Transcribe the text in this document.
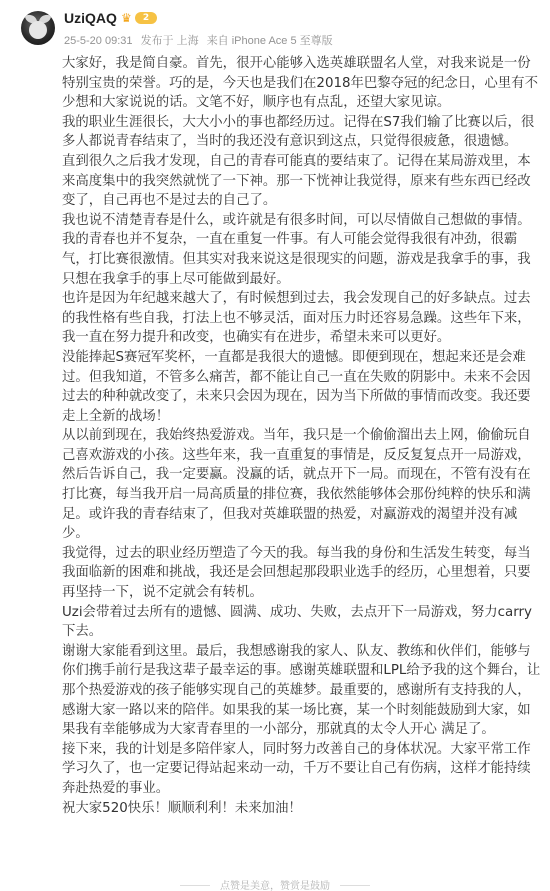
UziQAQ ♛	2
25-5-20 09:31 发布于 上海 来自 iPhone Ace 5 至尊版

大家好，我是简自豪。首先，很开心能够入选英雄联盟名人堂，对我来说是一份特别宝贵的荣誉。巧的是，今天也是我们在2018年巴黎夺冠的纪念日，心里有不少想和大家说说的话。文笔不好，顺序也有点乱，还望大家见谅。

我的职业生涯很长，大大小小的事也都经历过。记得在S7我们输了比赛以后，很多人都说青春结束了，当时的我还没有意识到这点，只觉得很疲惫，很遗憾。

直到很久之后我才发现，自己的青春可能真的要结束了。记得在某局游戏里，本来高度集中的我突然就恍了一下神。那一下恍神让我觉得，原来有些东西已经改变了，自己再也不是过去的自己了。

我也说不清楚青春是什么，或许就是有很多时间，可以尽情做自己想做的事情。我的青春也并不复杂，一直在重复一件事。有人可能会觉得我很有冲劲，很霸气，打比赛很激情。但其实对我来说这是很现实的问题，游戏是我拿手的事，我只想在我拿手的事上尽可能做到最好。

也许是因为年纪越来越大了，有时候想到过去，我会发现自己的好多缺点。过去的我性格有些自我，打法上也不够灵活，面对压力时还容易急躁。这些年下来，我一直在努力提升和改变，也确实有在进步，希望未来可以更好。

没能捧起S赛冠军奖杯，一直都是我很大的遗憾。即便到现在，想起来还是会难过。但我知道，不管多么痛苦，都不能让自己一直在失败的阴影中。未来不会因过去的种种就改变了，未来只会因为现在，因为当下所做的事情而改变。我还要走上全新的战场！

从以前到现在，我始终热爱游戏。当年，我只是一个偷偷溜出去上网，偷偷玩自己喜欢游戏的小孩。这些年来，我一直重复的事情是，反反复复点开一局游戏，然后告诉自己，我一定要赢。没赢的话，就点开下一局。而现在，不管有没有在打比赛，每当我开启一局高质量的排位赛，我依然能够体会那份纯粹的快乐和满足。或许我的青春结束了，但我对英雄联盟的热爱，对赢游戏的渴望并没有减少。

我觉得，过去的职业经历塑造了今天的我。每当我的身份和生活发生转变，每当我面临新的困难和挑战，我还是会回想起那段职业选手的经历，心里想着，只要再坚持一下，说不定就会有转机。

Uzi会带着过去所有的遗憾、圆满、成功、失败，去点开下一局游戏，努力carry下去。

谢谢大家能看到这里。最后，我想感谢我的家人、队友、教练和伙伴们，能够与你们携手前行是我这辈子最幸运的事。感谢英雄联盟和LPL给予我的这个舞台，让那个热爱游戏的孩子能够实现自己的英雄梦。最重要的，感谢所有支持我的人，感谢大家一路以来的陪伴。如果我的某一场比赛，某一个时刻能鼓励到大家，如果我有幸能够成为大家青春里的一小部分，那就真的太令人开心 满足了。

接下来，我的计划是多陪伴家人，同时努力改善自己的身体状况。大家平常工作学习久了，也一定要记得站起来动一动，千万不要让自己有伤病，这样才能持续奔赴热爱的事业。

祝大家520快乐！顺顺利利！未来加油！

点赞是美意，赞赏是鼓励
